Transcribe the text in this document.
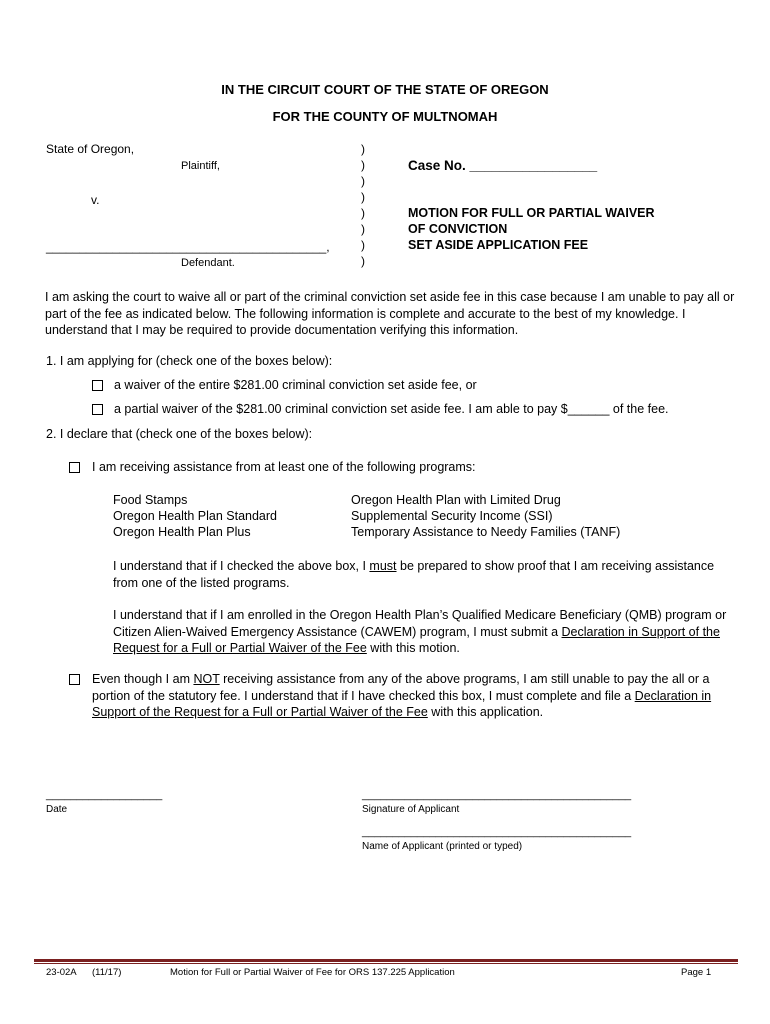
IN THE CIRCUIT COURT OF THE STATE OF OREGON
FOR THE COUNTY OF MULTNOMAH
State of Oregon,
Plaintiff,
v.
__________________________________________,
Defendant.
)
)
)
)
)
)
)
)
Case No. _________________
MOTION FOR FULL OR PARTIAL WAIVER
OF CONVICTION
SET ASIDE APPLICATION FEE
I am asking the court to waive all or part of the criminal conviction set aside fee in this case because I am unable to pay all or part of the fee as indicated below. The following information is complete and accurate to the best of my knowledge. I understand that I may be required to provide documentation verifying this information.
1. I am applying for (check one of the boxes below):
a waiver of the entire $281.00 criminal conviction set aside fee, or
a partial waiver of the $281.00 criminal conviction set aside fee. I am able to pay $______ of the fee.
2. I declare that (check one of the boxes below):
I am receiving assistance from at least one of the following programs:
Food Stamps
Oregon Health Plan Standard
Oregon Health Plan Plus
Oregon Health Plan with Limited Drug
Supplemental Security Income (SSI)
Temporary Assistance to Needy Families (TANF)
I understand that if I checked the above box, I must be prepared to show proof that I am receiving assistance from one of the listed programs.
I understand that if I am enrolled in the Oregon Health Plan’s Qualified Medicare Beneficiary (QMB) program or Citizen Alien-Waived Emergency Assistance (CAWEM) program, I must submit a Declaration in Support of the Request for a Full or Partial Waiver of the Fee with this motion.
Even though I am NOT receiving assistance from any of the above programs, I am still unable to pay the all or a portion of the statutory fee. I understand that if I have checked this box, I must complete and file a Declaration in Support of the Request for a Full or Partial Waiver of the Fee with this application.
___________________
Date
____________________________________________
Signature of Applicant
____________________________________________
Name of Applicant (printed or typed)
23-02A (11/17)	Motion for Full or Partial Waiver of Fee for ORS 137.225 Application	Page 1
